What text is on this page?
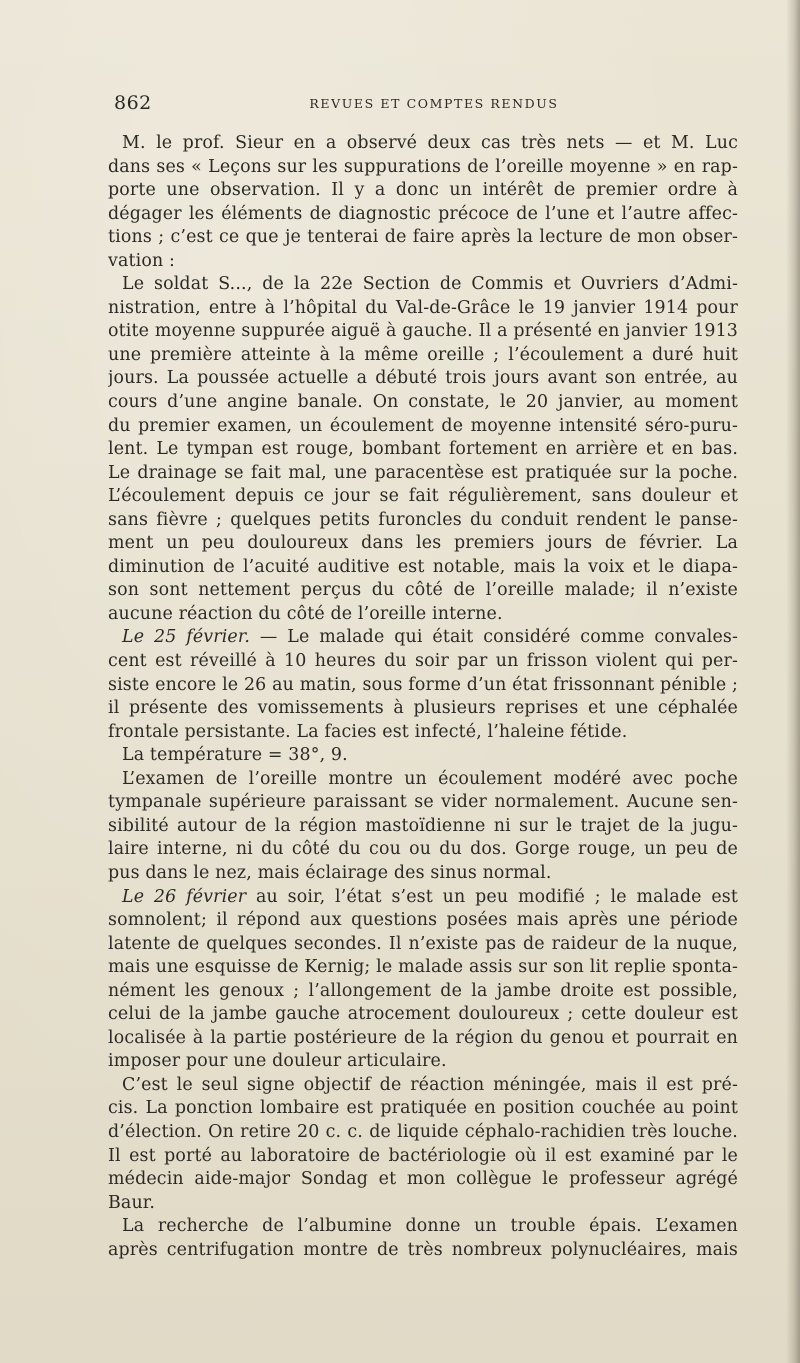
862	REVUES ET COMPTES RENDUS
M. le prof. Sieur en a observé deux cas très nets — et M. Luc
dans ses « Leçons sur les suppurations de l’oreille moyenne » en rap-
porte une observation. Il y a donc un intérêt de premier ordre à
dégager les éléments de diagnostic précoce de l’une et l’autre affec-
tions ; c’est ce que je tenterai de faire après la lecture de mon obser-
vation :
Le soldat S..., de la 22e Section de Commis et Ouvriers d’Admi-
nistration, entre à l’hôpital du Val-de-Grâce le 19 janvier 1914 pour
otite moyenne suppurée aiguë à gauche. Il a présenté en janvier 1913
une première atteinte à la même oreille ; l’écoulement a duré huit
jours. La poussée actuelle a débuté trois jours avant son entrée, au
cours d’une angine banale. On constate, le 20 janvier, au moment
du premier examen, un écoulement de moyenne intensité séro-puru-
lent. Le tympan est rouge, bombant fortement en arrière et en bas.
Le drainage se fait mal, une paracentèse est pratiquée sur la poche.
L’écoulement depuis ce jour se fait régulièrement, sans douleur et
sans fièvre ; quelques petits furoncles du conduit rendent le panse-
ment un peu douloureux dans les premiers jours de février. La
diminution de l’acuité auditive est notable, mais la voix et le diapa-
son sont nettement perçus du côté de l’oreille malade; il n’existe
aucune réaction du côté de l’oreille interne.
Le 25 février. — Le malade qui était considéré comme convales-
cent est réveillé à 10 heures du soir par un frisson violent qui per-
siste encore le 26 au matin, sous forme d’un état frissonnant pénible ;
il présente des vomissements à plusieurs reprises et une céphalée
frontale persistante. La facies est infecté, l’haleine fétide.
La température = 38°, 9.
L’examen de l’oreille montre un écoulement modéré avec poche
tympanale supérieure paraissant se vider normalement. Aucune sen-
sibilité autour de la région mastoïdienne ni sur le trajet de la jugu-
laire interne, ni du côté du cou ou du dos. Gorge rouge, un peu de
pus dans le nez, mais éclairage des sinus normal.
Le 26 février au soir, l’état s’est un peu modifié ; le malade est
somnolent; il répond aux questions posées mais après une période
latente de quelques secondes. Il n’existe pas de raideur de la nuque,
mais une esquisse de Kernig; le malade assis sur son lit replie sponta-
nément les genoux ; l’allongement de la jambe droite est possible,
celui de la jambe gauche atrocement douloureux ; cette douleur est
localisée à la partie postérieure de la région du genou et pourrait en
imposer pour une douleur articulaire.
C’est le seul signe objectif de réaction méningée, mais il est pré-
cis. La ponction lombaire est pratiquée en position couchée au point
d’élection. On retire 20 c. c. de liquide céphalo-rachidien très louche.
Il est porté au laboratoire de bactériologie où il est examiné par le
médecin aide-major Sondag et mon collègue le professeur agrégé
Baur.
La recherche de l’albumine donne un trouble épais. L’examen
après centrifugation montre de très nombreux polynucléaires, mais
